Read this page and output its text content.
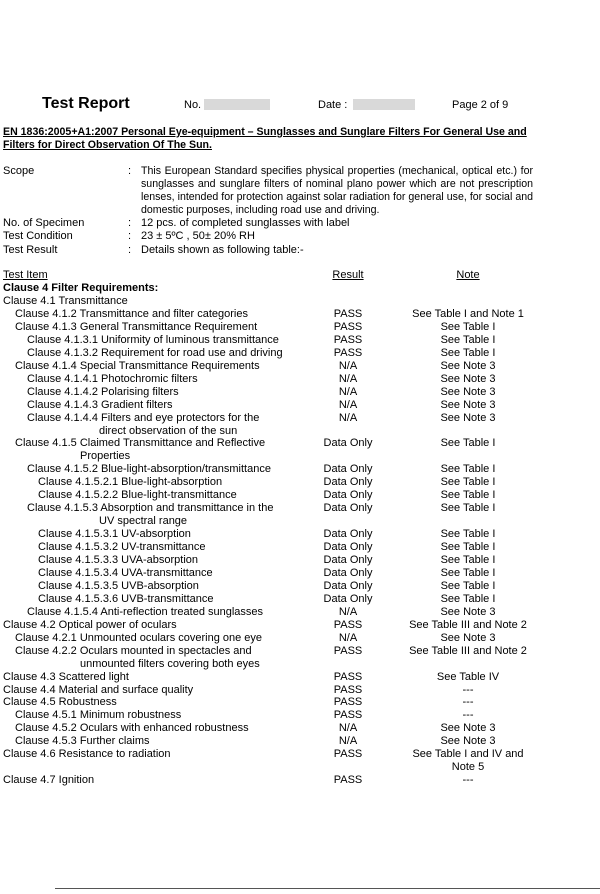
Test Report	No.	Date :	Page 2 of 9
EN 1836:2005+A1:2007 Personal Eye-equipment – Sunglasses and Sunglare Filters For General Use and Filters for Direct Observation Of The Sun.
Scope	: This European Standard specifies physical properties (mechanical, optical etc.) for sunglasses and sunglare filters of nominal plano power which are not prescription lenses, intended for protection against solar radiation for general use, for social and domestic purposes, including road use and driving.
No. of Specimen	: 12 pcs. of completed sunglasses with label
Test Condition	: 23 ± 5ºC , 50± 20% RH
Test Result	: Details shown as following table:-
Test Item	Result	Note
Clause 4 Filter Requirements:
Clause 4.1 Transmittance
Clause 4.1.2 Transmittance and filter categories	PASS	See Table I and Note 1
Clause 4.1.3 General Transmittance Requirement	PASS	See Table I
Clause 4.1.3.1 Uniformity of luminous transmittance	PASS	See Table I
Clause 4.1.3.2 Requirement for road use and driving	PASS	See Table I
Clause 4.1.4 Special Transmittance Requirements	N/A	See Note 3
Clause 4.1.4.1 Photochromic filters	N/A	See Note 3
Clause 4.1.4.2 Polarising filters	N/A	See Note 3
Clause 4.1.4.3 Gradient filters	N/A	See Note 3
Clause 4.1.4.4 Filters and eye protectors for the	N/A	See Note 3
direct observation of the sun
Clause 4.1.5 Claimed Transmittance and Reflective	Data Only	See Table I
Properties
Clause 4.1.5.2 Blue-light-absorption/transmittance	Data Only	See Table I
Clause 4.1.5.2.1 Blue-light-absorption	Data Only	See Table I
Clause 4.1.5.2.2 Blue-light-transmittance	Data Only	See Table I
Clause 4.1.5.3 Absorption and transmittance in the	Data Only	See Table I
UV spectral range
Clause 4.1.5.3.1 UV-absorption	Data Only	See Table I
Clause 4.1.5.3.2 UV-transmittance	Data Only	See Table I
Clause 4.1.5.3.3 UVA-absorption	Data Only	See Table I
Clause 4.1.5.3.4 UVA-transmittance	Data Only	See Table I
Clause 4.1.5.3.5 UVB-absorption	Data Only	See Table I
Clause 4.1.5.3.6 UVB-transmittance	Data Only	See Table I
Clause 4.1.5.4 Anti-reflection treated sunglasses	N/A	See Note 3
Clause 4.2 Optical power of oculars	PASS	See Table III and Note 2
Clause 4.2.1 Unmounted oculars covering one eye	N/A	See Note 3
Clause 4.2.2 Oculars mounted in spectacles and	PASS	See Table III and Note 2
unmounted filters covering both eyes
Clause 4.3 Scattered light	PASS	See Table IV
Clause 4.4 Material and surface quality	PASS	---
Clause 4.5 Robustness	PASS	---
Clause 4.5.1 Minimum robustness	PASS	---
Clause 4.5.2 Oculars with enhanced robustness	N/A	See Note 3
Clause 4.5.3 Further claims	N/A	See Note 3
Clause 4.6 Resistance to radiation	PASS	See Table I and IV and
Note 5
Clause 4.7 Ignition	PASS	---
